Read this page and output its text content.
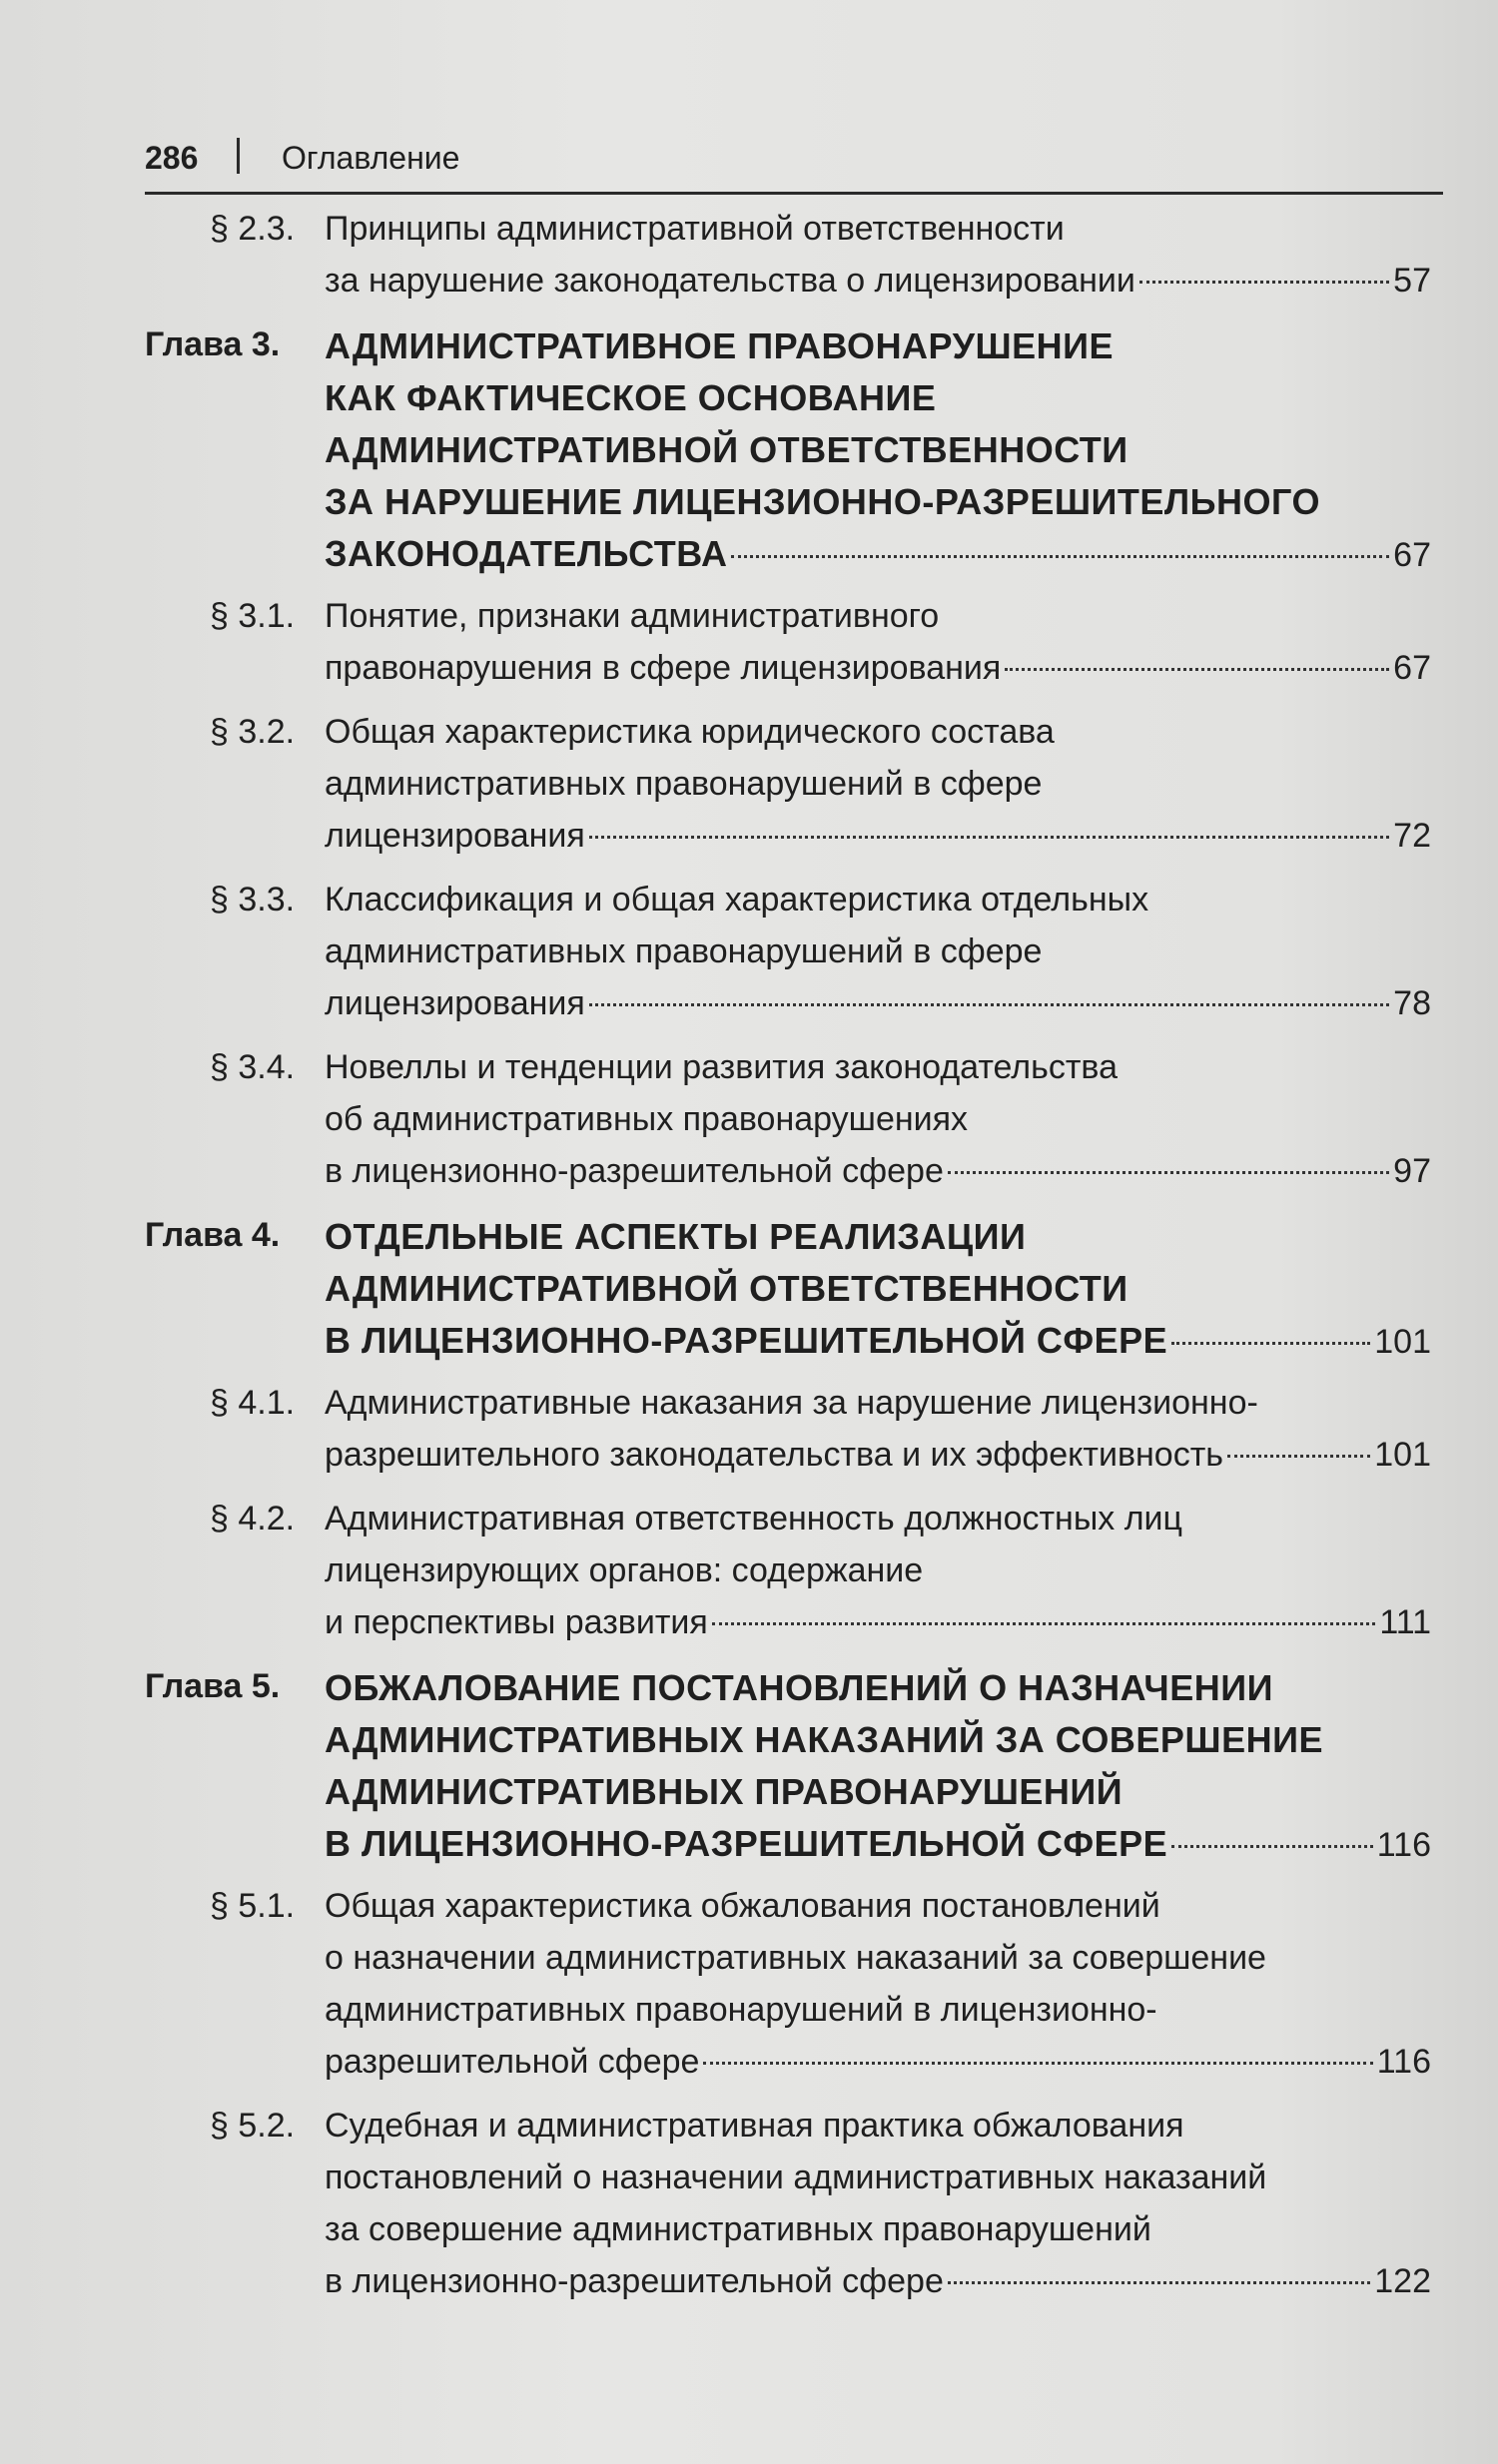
286	Оглавление
§ 2.3. Принципы административной ответственности
за нарушение законодательства о лицензировании	57
Глава 3. АДМИНИСТРАТИВНОЕ ПРАВОНАРУШЕНИЕ
КАК ФАКТИЧЕСКОЕ ОСНОВАНИЕ
АДМИНИСТРАТИВНОЙ ОТВЕТСТВЕННОСТИ
ЗА НАРУШЕНИЕ ЛИЦЕНЗИОННО-РАЗРЕШИТЕЛЬНОГО
ЗАКОНОДАТЕЛЬСТВА	67
§ 3.1. Понятие, признаки административного
правонарушения в сфере лицензирования	67
§ 3.2. Общая характеристика юридического состава
административных правонарушений в сфере
лицензирования	72
§ 3.3. Классификация и общая характеристика отдельных
административных правонарушений в сфере
лицензирования	78
§ 3.4. Новеллы и тенденции развития законодательства
об административных правонарушениях
в лицензионно-разрешительной сфере	97
Глава 4. ОТДЕЛЬНЫЕ АСПЕКТЫ РЕАЛИЗАЦИИ
АДМИНИСТРАТИВНОЙ ОТВЕТСТВЕННОСТИ
В ЛИЦЕНЗИОННО-РАЗРЕШИТЕЛЬНОЙ СФЕРЕ	101
§ 4.1. Административные наказания за нарушение лицензионно-
разрешительного законодательства и их эффективность	101
§ 4.2. Административная ответственность должностных лиц
лицензирующих органов: содержание
и перспективы развития	111
Глава 5. ОБЖАЛОВАНИЕ ПОСТАНОВЛЕНИЙ О НАЗНАЧЕНИИ
АДМИНИСТРАТИВНЫХ НАКАЗАНИЙ ЗА СОВЕРШЕНИЕ
АДМИНИСТРАТИВНЫХ ПРАВОНАРУШЕНИЙ
В ЛИЦЕНЗИОННО-РАЗРЕШИТЕЛЬНОЙ СФЕРЕ	116
§ 5.1. Общая характеристика обжалования постановлений
о назначении административных наказаний за совершение
административных правонарушений в лицензионно-
разрешительной сфере	116
§ 5.2. Судебная и административная практика обжалования
постановлений о назначении административных наказаний
за совершение административных правонарушений
в лицензионно-разрешительной сфере	122
